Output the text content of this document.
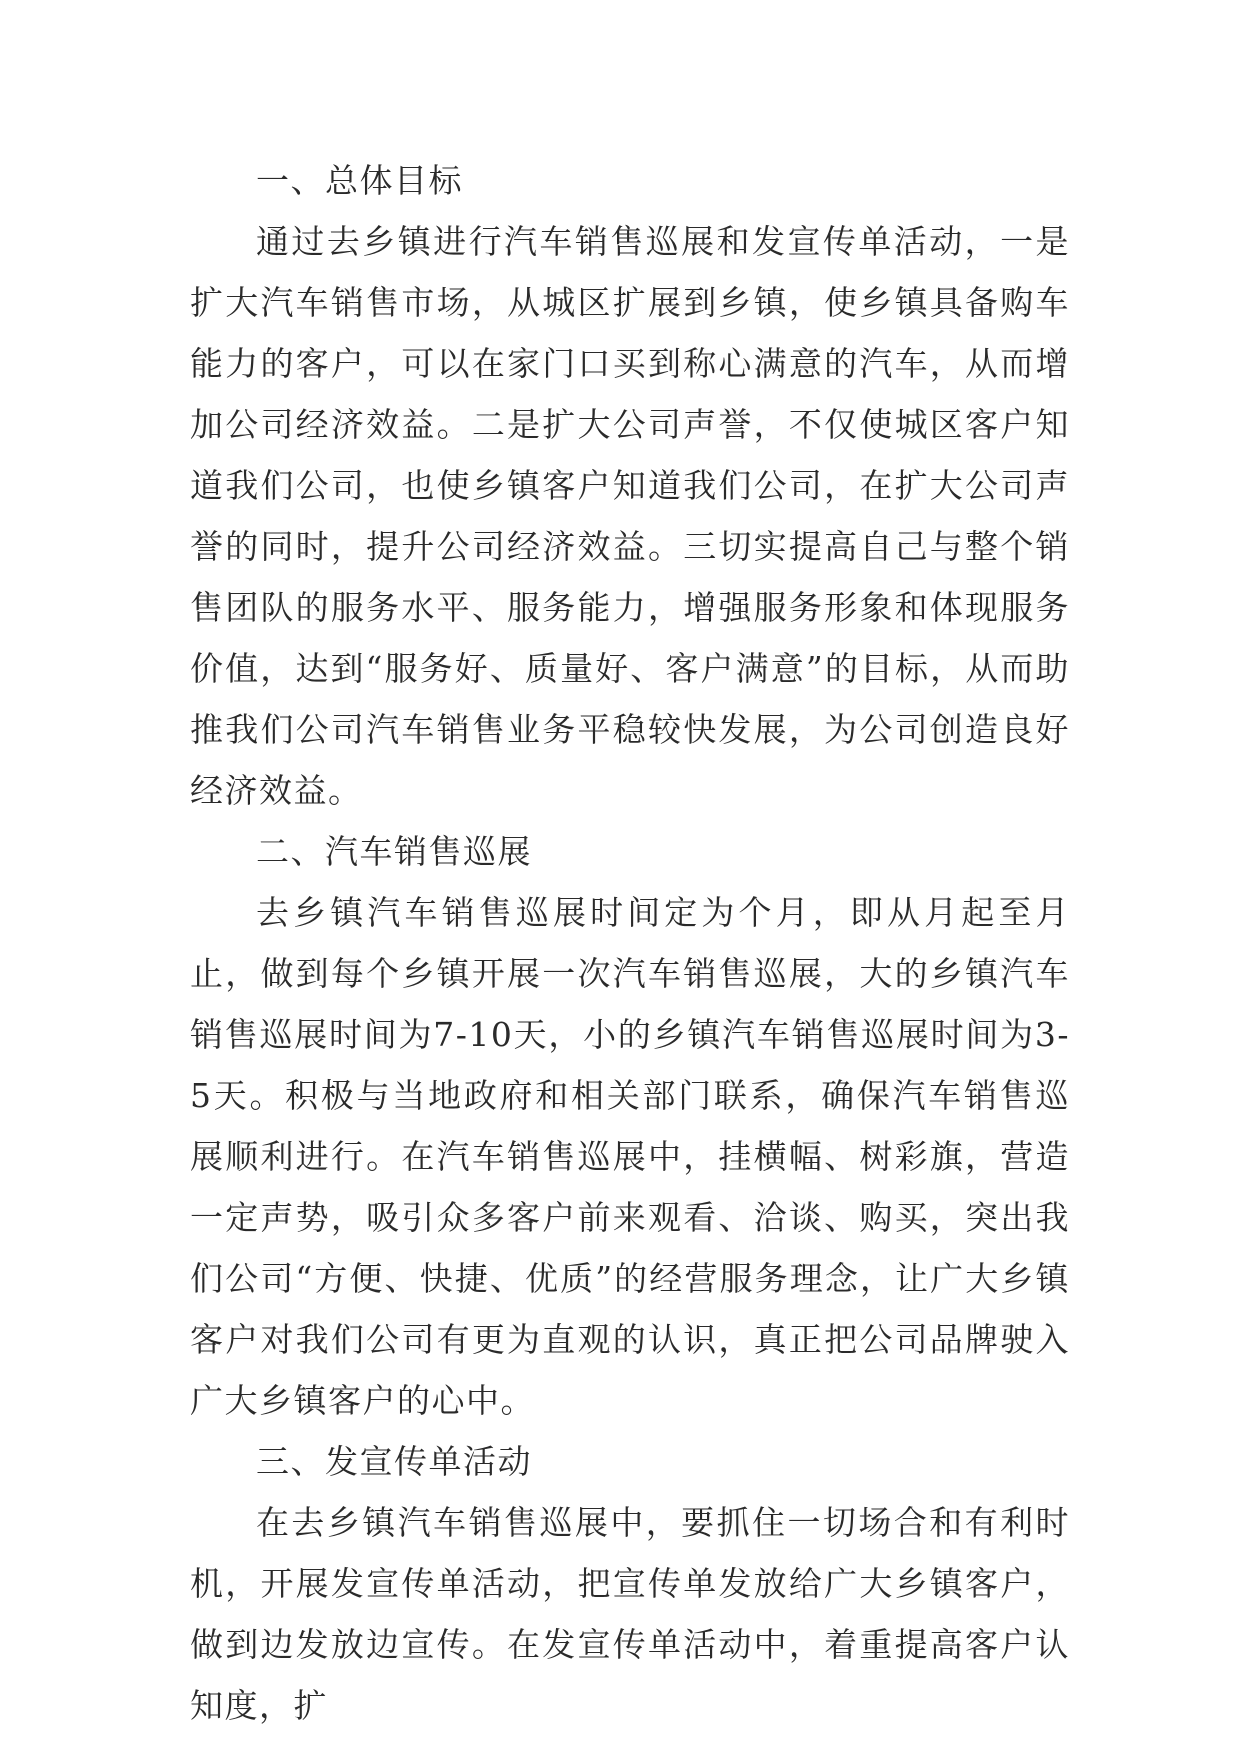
一、总体目标

通过去乡镇进行汽车销售巡展和发宣传单活动，一是扩大汽车销售市场，从城区扩展到乡镇，使乡镇具备购车能力的客户，可以在家门口买到称心满意的汽车，从而增加公司经济效益。二是扩大公司声誉，不仅使城区客户知道我们公司，也使乡镇客户知道我们公司，在扩大公司声誉的同时，提升公司经济效益。三切实提高自己与整个销售团队的服务水平、服务能力，增强服务形象和体现服务价值，达到“服务好、质量好、客户满意”的目标，从而助推我们公司汽车销售业务平稳较快发展，为公司创造良好经济效益。

二、汽车销售巡展

去乡镇汽车销售巡展时间定为个月，即从月起至月止，做到每个乡镇开展一次汽车销售巡展，大的乡镇汽车销售巡展时间为7-10天，小的乡镇汽车销售巡展时间为3-5天。积极与当地政府和相关部门联系，确保汽车销售巡展顺利进行。在汽车销售巡展中，挂横幅、树彩旗，营造一定声势，吸引众多客户前来观看、洽谈、购买，突出我们公司“方便、快捷、优质”的经营服务理念，让广大乡镇客户对我们公司有更为直观的认识，真正把公司品牌驶入广大乡镇客户的心中。

三、发宣传单活动

在去乡镇汽车销售巡展中，要抓住一切场合和有利时机，开展发宣传单活动，把宣传单发放给广大乡镇客户，做到边发放边宣传。在发宣传单活动中，着重提高客户认知度，扩
